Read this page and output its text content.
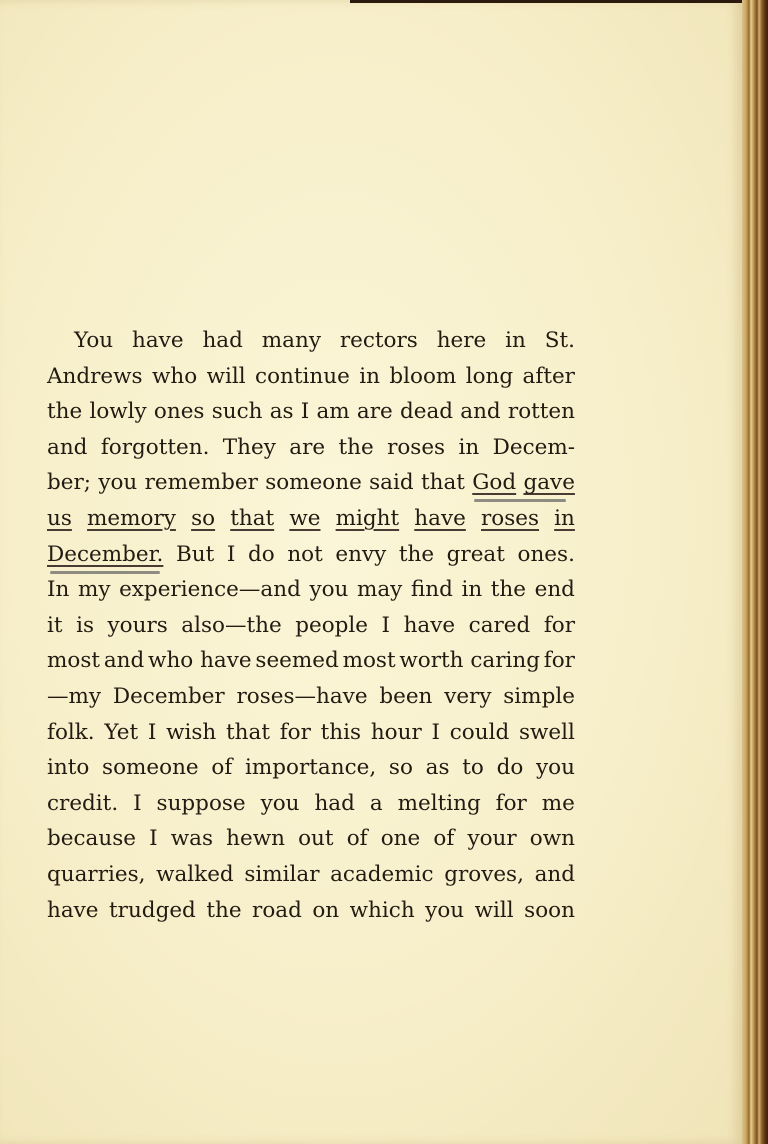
You have had many rectors here in St.
Andrews who will continue in bloom long after
the lowly ones such as I am are dead and rotten
and forgotten. They are the roses in Decem-
ber; you remember someone said that God gave
us memory so that we might have roses in
December. But I do not envy the great ones.
In my experience—and you may find in the end
it is yours also—the people I have cared for
most and who have seemed most worth caring for
—my December roses—have been very simple
folk. Yet I wish that for this hour I could swell
into someone of importance, so as to do you
credit. I suppose you had a melting for me
because I was hewn out of one of your own
quarries, walked similar academic groves, and
have trudged the road on which you will soon
